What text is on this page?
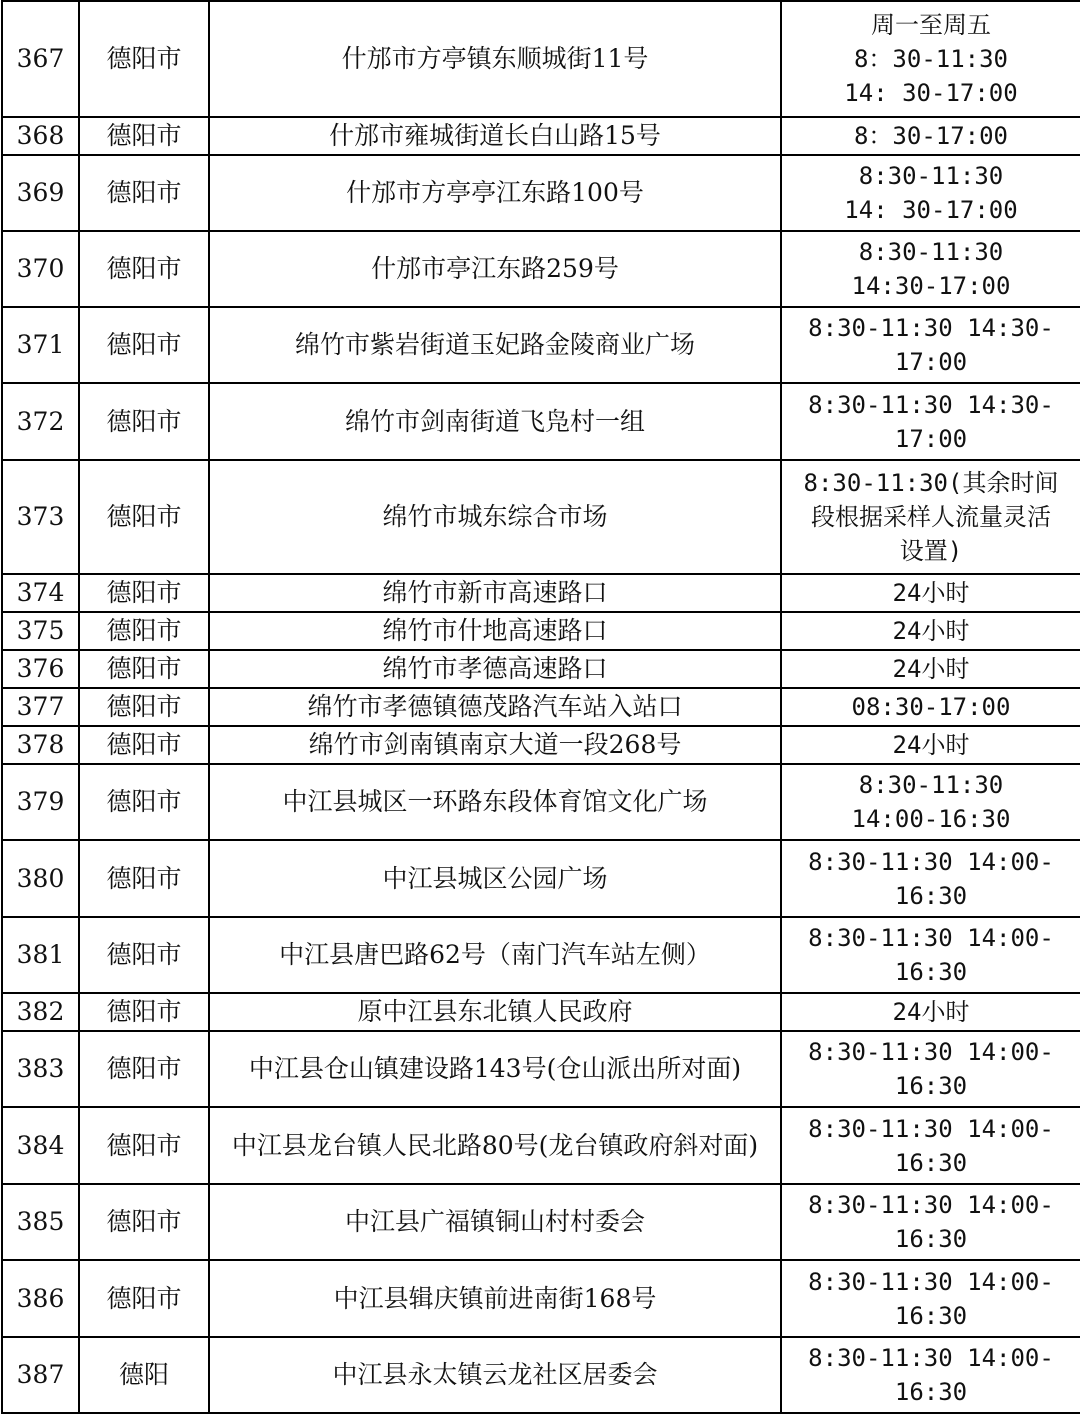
367	德阳市	什邡市方亭镇东顺城街11号	周一至周五
8：30-11:30
14: 30-17:00
368	德阳市	什邡市雍城街道长白山路15号	8：30-17:00
369	德阳市	什邡市方亭亭江东路100号	8:30-11:30
14: 30-17:00
370	德阳市	什邡市亭江东路259号	8:30-11:30
14:30-17:00
371	德阳市	绵竹市紫岩街道玉妃路金陵商业广场	8:30-11:30 14:30-
17:00
372	德阳市	绵竹市剑南街道飞凫村一组	8:30-11:30 14:30-
17:00
373	德阳市	绵竹市城东综合市场	8:30-11:30(其余时间
段根据采样人流量灵活
设置)
374	德阳市	绵竹市新市高速路口	24小时
375	德阳市	绵竹市什地高速路口	24小时
376	德阳市	绵竹市孝德高速路口	24小时
377	德阳市	绵竹市孝德镇德茂路汽车站入站口	08:30-17:00
378	德阳市	绵竹市剑南镇南京大道一段268号	24小时
379	德阳市	中江县城区一环路东段体育馆文化广场	8:30-11:30
14:00-16:30
380	德阳市	中江县城区公园广场	8:30-11:30 14:00-
16:30
381	德阳市	中江县唐巴路62号（南门汽车站左侧）	8:30-11:30 14:00-
16:30
382	德阳市	原中江县东北镇人民政府	24小时
383	德阳市	中江县仓山镇建设路143号(仓山派出所对面)	8:30-11:30 14:00-
16:30
384	德阳市	中江县龙台镇人民北路80号(龙台镇政府斜对面)	8:30-11:30 14:00-
16:30
385	德阳市	中江县广福镇铜山村村委会	8:30-11:30 14:00-
16:30
386	德阳市	中江县辑庆镇前进南街168号	8:30-11:30 14:00-
16:30
387	德阳	中江县永太镇云龙社区居委会	8:30-11:30 14:00-
16:30
